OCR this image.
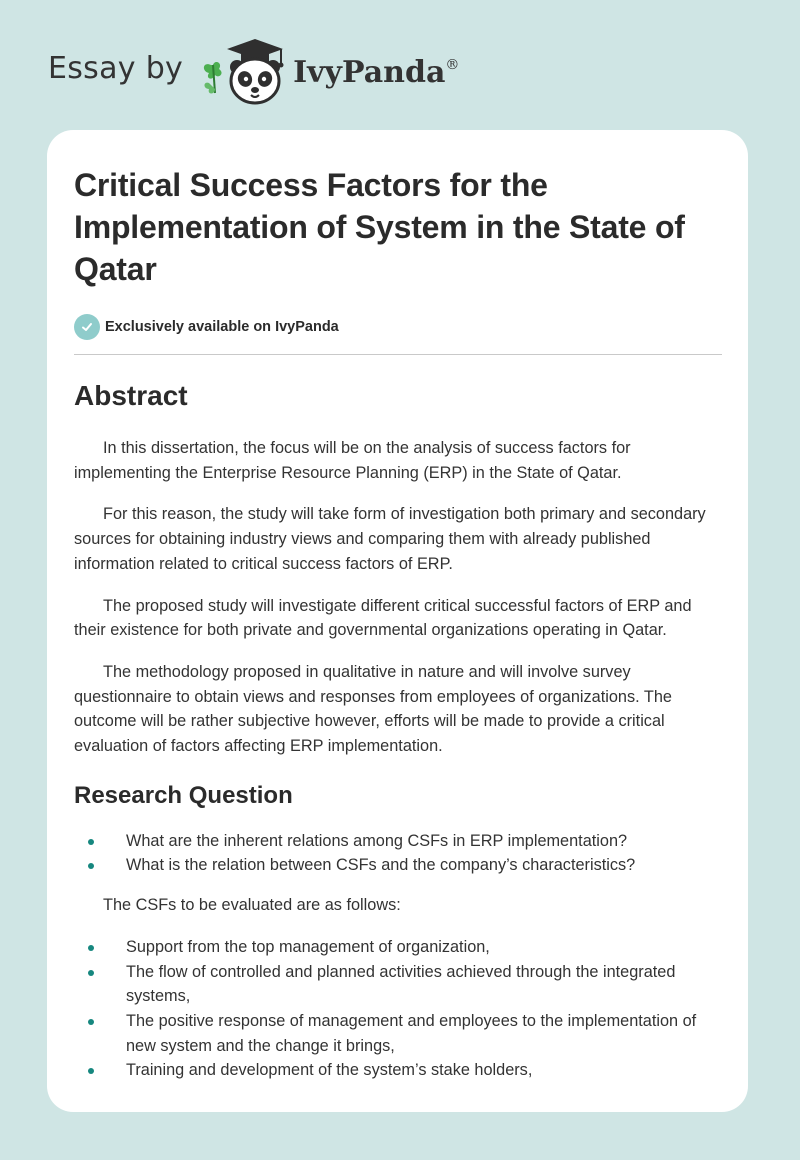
Essay by	IvyPanda®
Critical Success Factors for the Implementation of System in the State of Qatar
Exclusively available on IvyPanda
Abstract

In this dissertation, the focus will be on the analysis of success factors for implementing the Enterprise Resource Planning (ERP) in the State of Qatar.

For this reason, the study will take form of investigation both primary and secondary sources for obtaining industry views and comparing them with already published information related to critical success factors of ERP.

The proposed study will investigate different critical successful factors of ERP and their existence for both private and governmental organizations operating in Qatar.

The methodology proposed in qualitative in nature and will involve survey questionnaire to obtain views and responses from employees of organizations. The outcome will be rather subjective however, efforts will be made to provide a critical evaluation of factors affecting ERP implementation.

Research Question
What are the inherent relations among CSFs in ERP implementation?
What is the relation between CSFs and the company’s characteristics?

The CSFs to be evaluated are as follows:

Support from the top management of organization,
The flow of controlled and planned activities achieved through the integrated systems,
The positive response of management and employees to the implementation of new system and the change it brings,
Training and development of the system’s stake holders,
